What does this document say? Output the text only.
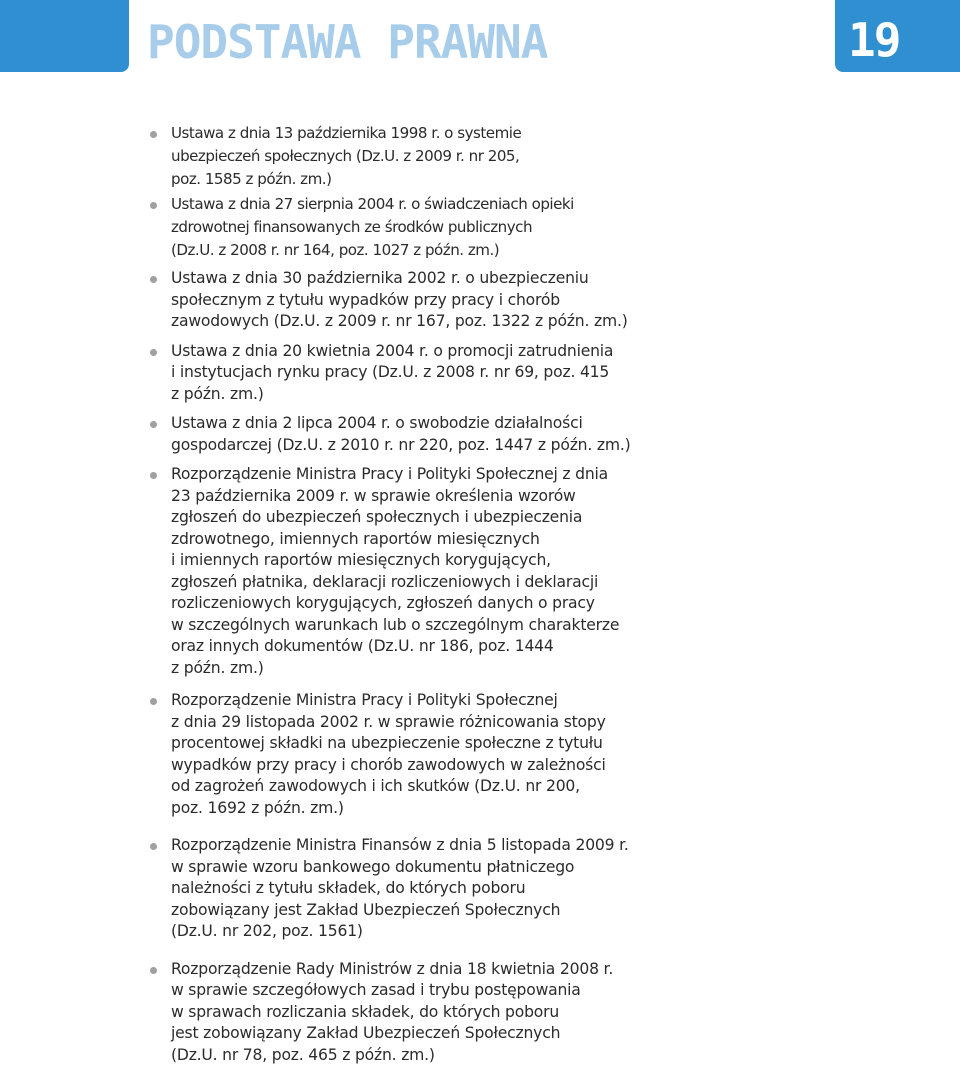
PODSTAWA PRAWNA	19
Ustawa z dnia 13 października 1998 r. o systemie
ubezpieczeń społecznych (Dz.U. z 2009 r. nr 205,
poz. 1585 z późn. zm.)
Ustawa z dnia 27 sierpnia 2004 r. o świadczeniach opieki
zdrowotnej finansowanych ze środków publicznych
(Dz.U. z 2008 r. nr 164, poz. 1027 z późn. zm.)
Ustawa z dnia 30 października 2002 r. o ubezpieczeniu
społecznym z tytułu wypadków przy pracy i chorób
zawodowych (Dz.U. z 2009 r. nr 167, poz. 1322 z późn. zm.)
Ustawa z dnia 20 kwietnia 2004 r. o promocji zatrudnienia
i instytucjach rynku pracy (Dz.U. z 2008 r. nr 69, poz. 415
z późn. zm.)
Ustawa z dnia 2 lipca 2004 r. o swobodzie działalności
gospodarczej (Dz.U. z 2010 r. nr 220, poz. 1447 z późn. zm.)
Rozporządzenie Ministra Pracy i Polityki Społecznej z dnia
23 października 2009 r. w sprawie określenia wzorów
zgłoszeń do ubezpieczeń społecznych i ubezpieczenia
zdrowotnego, imiennych raportów miesięcznych
i imiennych raportów miesięcznych korygujących,
zgłoszeń płatnika, deklaracji rozliczeniowych i deklaracji
rozliczeniowych korygujących, zgłoszeń danych o pracy
w szczególnych warunkach lub o szczególnym charakterze
oraz innych dokumentów (Dz.U. nr 186, poz. 1444
z późn. zm.)
Rozporządzenie Ministra Pracy i Polityki Społecznej
z dnia 29 listopada 2002 r. w sprawie różnicowania stopy
procentowej składki na ubezpieczenie społeczne z tytułu
wypadków przy pracy i chorób zawodowych w zależności
od zagrożeń zawodowych i ich skutków (Dz.U. nr 200,
poz. 1692 z późn. zm.)
Rozporządzenie Ministra Finansów z dnia 5 listopada 2009 r.
w sprawie wzoru bankowego dokumentu płatniczego
należności z tytułu składek, do których poboru
zobowiązany jest Zakład Ubezpieczeń Społecznych
(Dz.U. nr 202, poz. 1561)
Rozporządzenie Rady Ministrów z dnia 18 kwietnia 2008 r.
w sprawie szczegółowych zasad i trybu postępowania
w sprawach rozliczania składek, do których poboru
jest zobowiązany Zakład Ubezpieczeń Społecznych
(Dz.U. nr 78, poz. 465 z późn. zm.)
